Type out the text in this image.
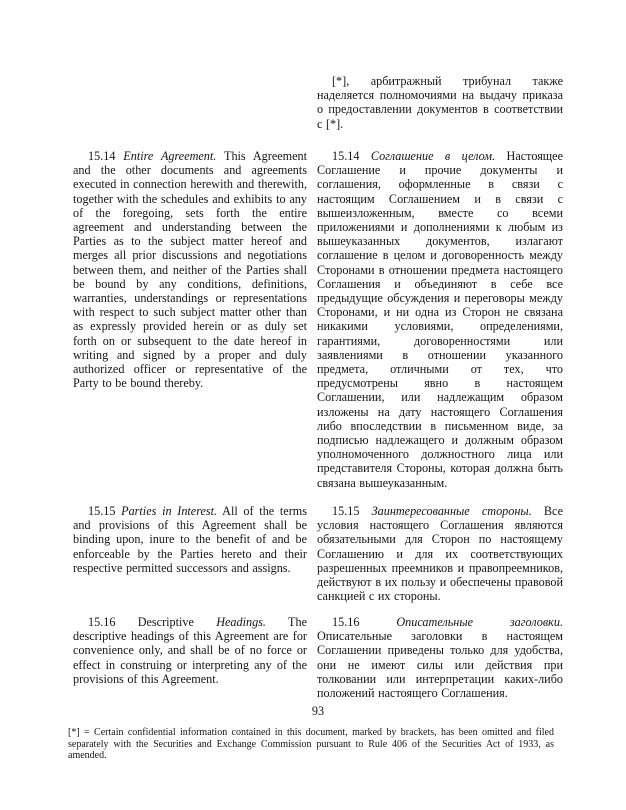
[*], арбитражный трибунал также наделяется полномочиями на выдачу приказа о предоставлении документов в соответствии с [*].

15.14 Entire Agreement. This Agreement and the other documents and agreements executed in connection herewith and therewith, together with the schedules and exhibits to any of the foregoing, sets forth the entire agreement and understanding between the Parties as to the subject matter hereof and merges all prior discussions and negotiations between them, and neither of the Parties shall be bound by any conditions, definitions, warranties, understandings or representations with respect to such subject matter other than as expressly provided herein or as duly set forth on or subsequent to the date hereof in writing and signed by a proper and duly authorized officer or representative of the Party to be bound thereby.

15.14 Соглашение в целом. Настоящее Соглашение и прочие документы и соглашения, оформленные в связи с настоящим Соглашением и в связи с вышеизложенным, вместе со всеми приложениями и дополнениями к любым из вышеуказанных документов, излагают соглашение в целом и договоренность между Сторонами в отношении предмета настоящего Соглашения и объединяют в себе все предыдущие обсуждения и переговоры между Сторонами, и ни одна из Сторон не связана никакими условиями, определениями, гарантиями, договоренностями или заявлениями в отношении указанного предмета, отличными от тех, что предусмотрены явно в настоящем Соглашении, или надлежащим образом изложены на дату настоящего Соглашения либо впоследствии в письменном виде, за подписью надлежащего и должным образом уполномоченного должностного лица или представителя Стороны, которая должна быть связана вышеуказанным.

15.15 Parties in Interest. All of the terms and provisions of this Agreement shall be binding upon, inure to the benefit of and be enforceable by the Parties hereto and their respective permitted successors and assigns.

15.15 Заинтересованные стороны. Все условия настоящего Соглашения являются обязательными для Сторон по настоящему Соглашению и для их соответствующих разрешенных преемников и правопреемников, действуют в их пользу и обеспечены правовой санкцией с их стороны.

15.16 Descriptive Headings. The descriptive headings of this Agreement are for convenience only, and shall be of no force or effect in construing or interpreting any of the provisions of this Agreement.

15.16	Описательные заголовки. Описательные заголовки в настоящем Соглашении приведены только для удобства, они не имеют силы или действия при толковании или интерпретации каких-либо положений настоящего Соглашения.

93
[*] = Certain confidential information contained in this document, marked by brackets, has been omitted and filed separately with the Securities and Exchange Commission pursuant to Rule 406 of the Securities Act of 1933, as amended.
